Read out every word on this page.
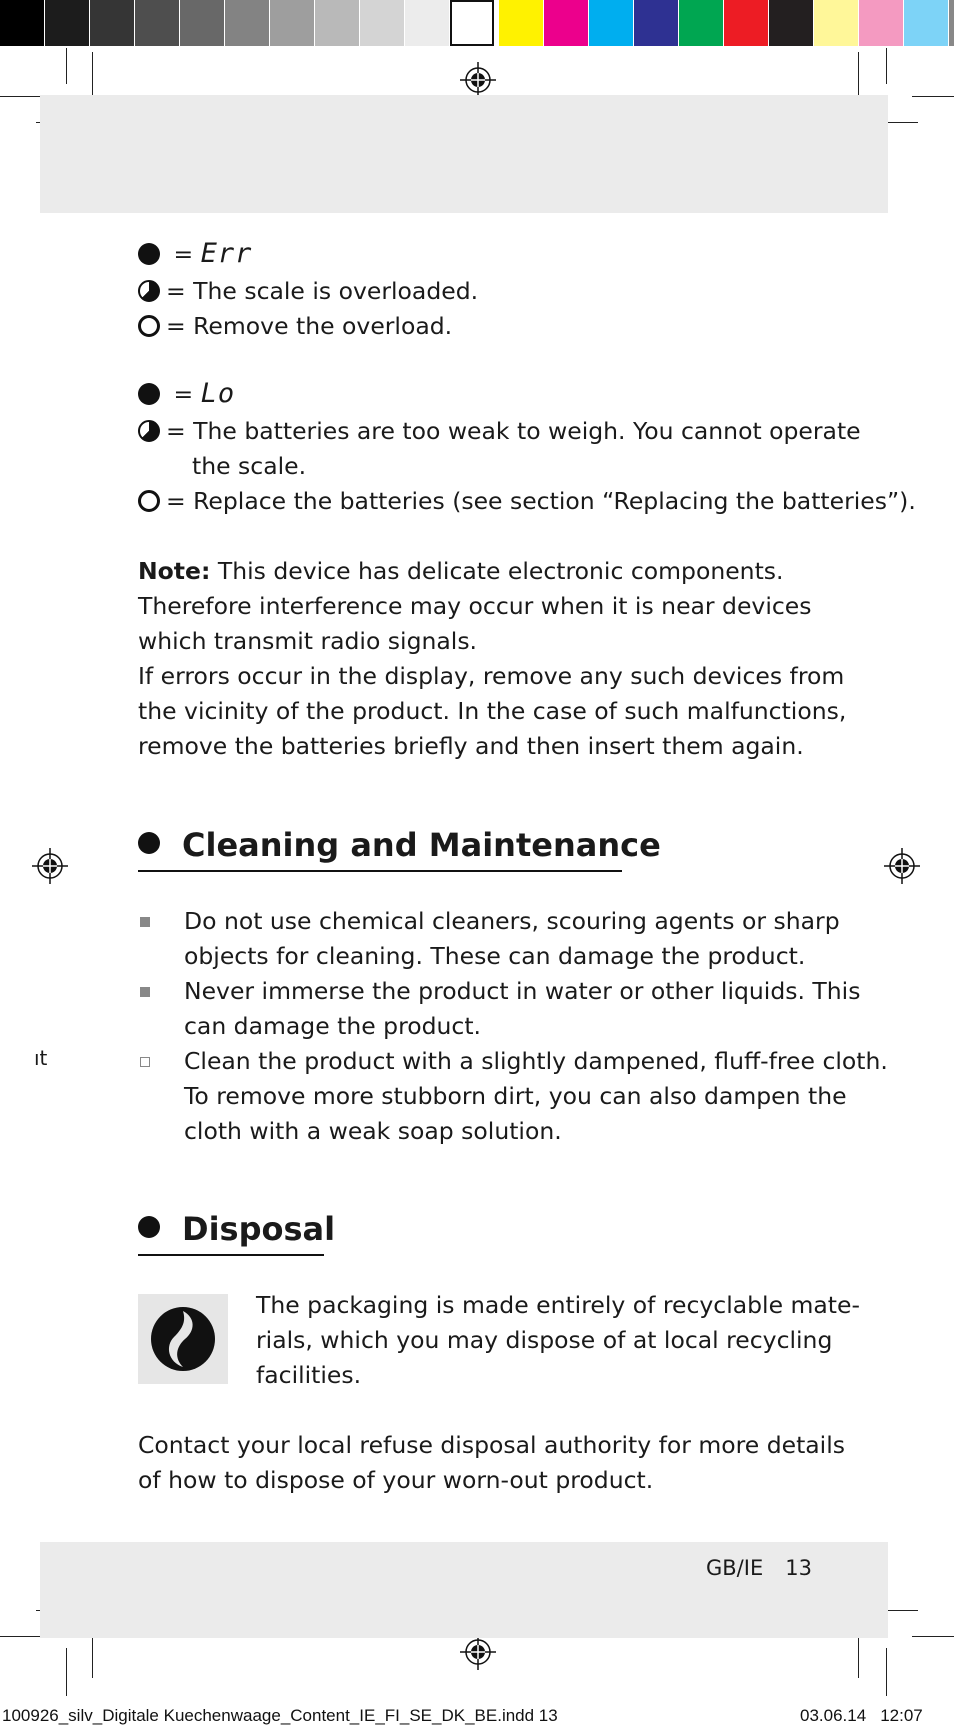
= Err
= The scale is overloaded.
= Remove the overload.
= Lo
= The batteries are too weak to weigh. You cannot operate
the scale.
= Replace the batteries (see section “Replacing the batteries”).
Note: This device has delicate electronic components.
Therefore interference may occur when it is near devices
which transmit radio signals.
If errors occur in the display, remove any such devices from
the vicinity of the product. In the case of such malfunctions,
remove the batteries briefly and then insert them again.
Cleaning and Maintenance
Do not use chemical cleaners, scouring agents or sharp
objects for cleaning. These can damage the product.
Never immerse the product in water or other liquids. This
can damage the product.
Clean the product with a slightly dampened, fluff-free cloth.
To remove more stubborn dirt, you can also dampen the
cloth with a weak soap solution.
ıt
Disposal
The packaging is made entirely of recyclable mate-
rials, which you may dispose of at local recycling
facilities.
Contact your local refuse disposal authority for more details
of how to dispose of your worn-out product.
GB/IE 13
100926_silv_Digitale Kuechenwaage_Content_IE_FI_SE_DK_BE.indd 13	03.06.14 12:07
